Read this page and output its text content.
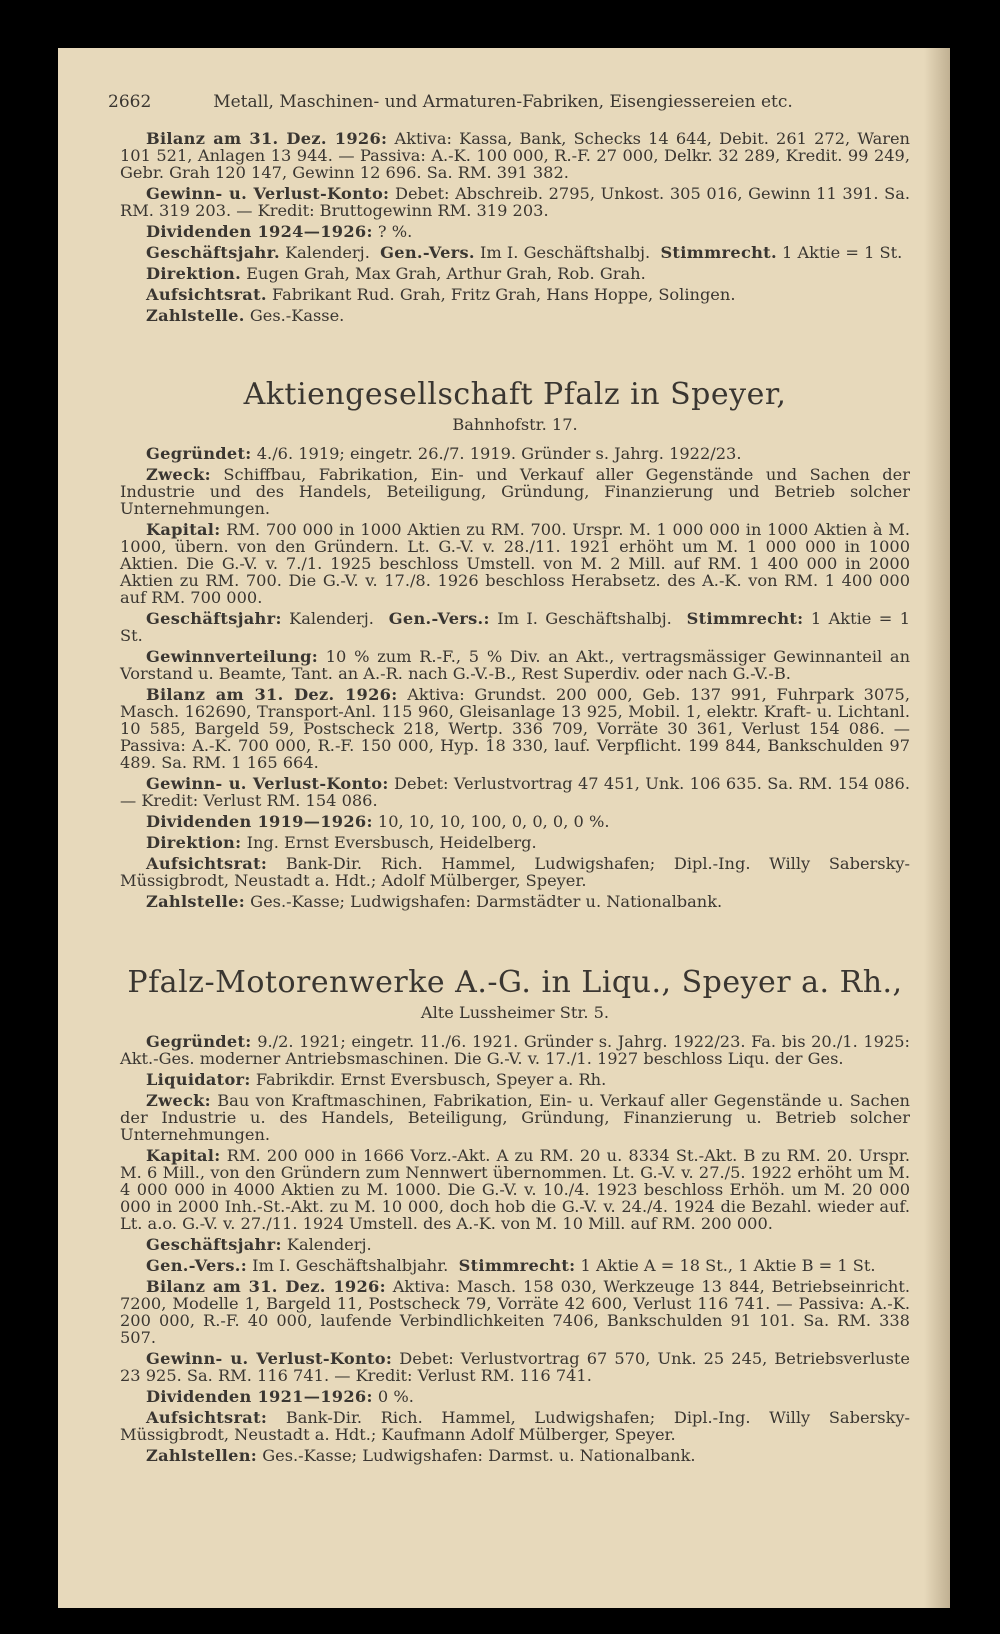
2662	Metall, Maschinen- und Armaturen-Fabriken, Eisengiessereien etc.

Bilanz am 31. Dez. 1926: Aktiva: Kassa, Bank, Schecks 14 644, Debit. 261 272, Waren 101 521, Anlagen 13 944. — Passiva: A.-K. 100 000, R.-F. 27 000, Delkr. 32 289, Kredit. 99 249, Gebr. Grah 120 147, Gewinn 12 696. Sa. RM. 391 382.

Gewinn- u. Verlust-Konto: Debet: Abschreib. 2795, Unkost. 305 016, Gewinn 11 391. Sa. RM. 319 203. — Kredit: Bruttogewinn RM. 319 203.

Dividenden 1924—1926: ? %.

Geschäftsjahr. Kalenderj. Gen.-Vers. Im I. Geschäftshalbj. Stimmrecht. 1 Aktie = 1 St.

Direktion. Eugen Grah, Max Grah, Arthur Grah, Rob. Grah.

Aufsichtsrat. Fabrikant Rud. Grah, Fritz Grah, Hans Hoppe, Solingen.

Zahlstelle. Ges.-Kasse.

Aktiengesellschaft Pfalz in Speyer,
Bahnhofstr. 17.

Gegründet: 4./6. 1919; eingetr. 26./7. 1919. Gründer s. Jahrg. 1922/23.

Zweck: Schiffbau, Fabrikation, Ein- und Verkauf aller Gegenstände und Sachen der Industrie und des Handels, Beteiligung, Gründung, Finanzierung und Betrieb solcher Unternehmungen.

Kapital: RM. 700 000 in 1000 Aktien zu RM. 700. Urspr. M. 1 000 000 in 1000 Aktien à M. 1000, übern. von den Gründern. Lt. G.-V. v. 28./11. 1921 erhöht um M. 1 000 000 in 1000 Aktien. Die G.-V. v. 7./1. 1925 beschloss Umstell. von M. 2 Mill. auf RM. 1 400 000 in 2000 Aktien zu RM. 700. Die G.-V. v. 17./8. 1926 beschloss Herabsetz. des A.-K. von RM. 1 400 000 auf RM. 700 000.

Geschäftsjahr: Kalenderj. Gen.-Vers.: Im I. Geschäftshalbj. Stimmrecht: 1 Aktie = 1 St.

Gewinnverteilung: 10 % zum R.-F., 5 % Div. an Akt., vertragsmässiger Gewinnanteil an Vorstand u. Beamte, Tant. an A.-R. nach G.-V.-B., Rest Superdiv. oder nach G.-V.-B.

Bilanz am 31. Dez. 1926: Aktiva: Grundst. 200 000, Geb. 137 991, Fuhrpark 3075, Masch. 162690, Transport-Anl. 115 960, Gleisanlage 13 925, Mobil. 1, elektr. Kraft- u. Lichtanl. 10 585, Bargeld 59, Postscheck 218, Wertp. 336 709, Vorräte 30 361, Verlust 154 086. — Passiva: A.-K. 700 000, R.-F. 150 000, Hyp. 18 330, lauf. Verpflicht. 199 844, Bankschulden 97 489. Sa. RM. 1 165 664.

Gewinn- u. Verlust-Konto: Debet: Verlustvortrag 47 451, Unk. 106 635. Sa. RM. 154 086. — Kredit: Verlust RM. 154 086.

Dividenden 1919—1926: 10, 10, 10, 100, 0, 0, 0, 0 %.

Direktion: Ing. Ernst Eversbusch, Heidelberg.

Aufsichtsrat: Bank-Dir. Rich. Hammel, Ludwigshafen; Dipl.-Ing. Willy Sabersky-Müssigbrodt, Neustadt a. Hdt.; Adolf Mülberger, Speyer.

Zahlstelle: Ges.-Kasse; Ludwigshafen: Darmstädter u. Nationalbank.

Pfalz-Motorenwerke A.-G. in Liqu., Speyer a. Rh.,
Alte Lussheimer Str. 5.

Gegründet: 9./2. 1921; eingetr. 11./6. 1921. Gründer s. Jahrg. 1922/23. Fa. bis 20./1. 1925: Akt.-Ges. moderner Antriebsmaschinen. Die G.-V. v. 17./1. 1927 beschloss Liqu. der Ges.

Liquidator: Fabrikdir. Ernst Eversbusch, Speyer a. Rh.

Zweck: Bau von Kraftmaschinen, Fabrikation, Ein- u. Verkauf aller Gegenstände u. Sachen der Industrie u. des Handels, Beteiligung, Gründung, Finanzierung u. Betrieb solcher Unternehmungen.

Kapital: RM. 200 000 in 1666 Vorz.-Akt. A zu RM. 20 u. 8334 St.-Akt. B zu RM. 20. Urspr. M. 6 Mill., von den Gründern zum Nennwert übernommen. Lt. G.-V. v. 27./5. 1922 erhöht um M. 4 000 000 in 4000 Aktien zu M. 1000. Die G.-V. v. 10./4. 1923 beschloss Erhöh. um M. 20 000 000 in 2000 Inh.-St.-Akt. zu M. 10 000, doch hob die G.-V. v. 24./4. 1924 die Bezahl. wieder auf. Lt. a.o. G.-V. v. 27./11. 1924 Umstell. des A.-K. von M. 10 Mill. auf RM. 200 000.

Geschäftsjahr: Kalenderj.

Gen.-Vers.: Im I. Geschäftshalbjahr. Stimmrecht: 1 Aktie A = 18 St., 1 Aktie B = 1 St.

Bilanz am 31. Dez. 1926: Aktiva: Masch. 158 030, Werkzeuge 13 844, Betriebseinricht. 7200, Modelle 1, Bargeld 11, Postscheck 79, Vorräte 42 600, Verlust 116 741. — Passiva: A.-K. 200 000, R.-F. 40 000, laufende Verbindlichkeiten 7406, Bankschulden 91 101. Sa. RM. 338 507.

Gewinn- u. Verlust-Konto: Debet: Verlustvortrag 67 570, Unk. 25 245, Betriebsverluste 23 925. Sa. RM. 116 741. — Kredit: Verlust RM. 116 741.

Dividenden 1921—1926: 0 %.

Aufsichtsrat: Bank-Dir. Rich. Hammel, Ludwigshafen; Dipl.-Ing. Willy Sabersky-Müssigbrodt, Neustadt a. Hdt.; Kaufmann Adolf Mülberger, Speyer.

Zahlstellen: Ges.-Kasse; Ludwigshafen: Darmst. u. Nationalbank.
